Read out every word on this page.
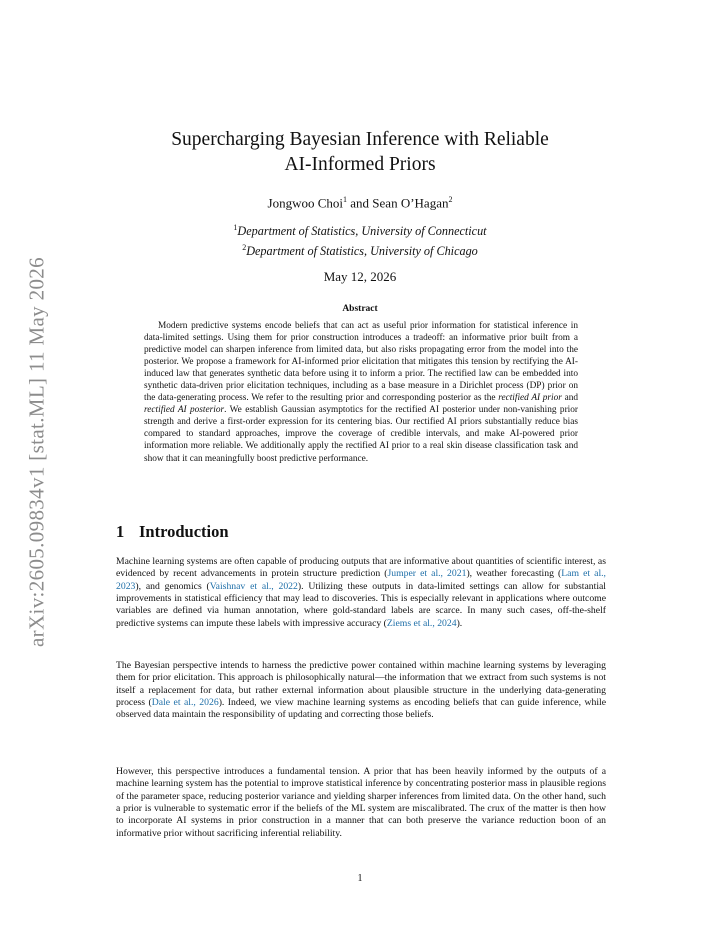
arXiv:2605.09834v1 [stat.ML] 11 May 2026
Supercharging Bayesian Inference with Reliable
AI-Informed Priors
Jongwoo Choi$^1$ and Sean O’Hagan$^2$
$^1$Department of Statistics, University of Connecticut
$^2$Department of Statistics, University of Chicago
May 12, 2026
Abstract

Modern predictive systems encode beliefs that can act as useful prior information for statistical inference in data-limited settings. Using them for prior construction introduces a tradeoff: an informative prior built from a predictive model can sharpen inference from limited data, but also risks propagating error from the model into the posterior. We propose a framework for AI-informed prior elicitation that mitigates this tension by rectifying the AI-induced law that generates synthetic data before using it to inform a prior. The rectified law can be embedded into synthetic data-driven prior elicitation techniques, including as a base measure in a Dirichlet process (DP) prior on the data-generating process. We refer to the resulting prior and corresponding posterior as the rectified AI prior and rectified AI posterior. We establish Gaussian asymptotics for the rectified AI posterior under non-vanishing prior strength and derive a first-order expression for its centering bias. Our rectified AI priors substantially reduce bias compared to standard approaches, improve the coverage of credible intervals, and make AI-powered prior information more reliable. We additionally apply the rectified AI prior to a real skin disease classification task and show that it can meaningfully boost predictive performance.

1 Introduction

Machine learning systems are often capable of producing outputs that are informative about quantities of scientific interest, as evidenced by recent advancements in protein structure prediction (Jumper et al., 2021), weather forecasting (Lam et al., 2023), and genomics (Vaishnav et al., 2022). Utilizing these outputs in data-limited settings can allow for substantial improvements in statistical efficiency that may lead to discoveries. This is especially relevant in applications where outcome variables are defined via human annotation, where gold-standard labels are scarce. In many such cases, off-the-shelf predictive systems can impute these labels with impressive accuracy (Ziems et al., 2024).

The Bayesian perspective intends to harness the predictive power contained within machine learning systems by leveraging them for prior elicitation. This approach is philosophically natural—the information that we extract from such systems is not itself a replacement for data, but rather external information about plausible structure in the underlying data-generating process (Dale et al., 2026). Indeed, we view machine learning systems as encoding beliefs that can guide inference, while observed data maintain the responsibility of updating and correcting those beliefs.

However, this perspective introduces a fundamental tension. A prior that has been heavily informed by the outputs of a machine learning system has the potential to improve statistical inference by concentrating posterior mass in plausible regions of the parameter space, reducing posterior variance and yielding sharper inferences from limited data. On the other hand, such a prior is vulnerable to systematic error if the beliefs of the ML system are miscalibrated. The crux of the matter is then how to incorporate AI systems in prior construction in a manner that can both preserve the variance reduction boon of an informative prior without sacrificing inferential reliability.

1
